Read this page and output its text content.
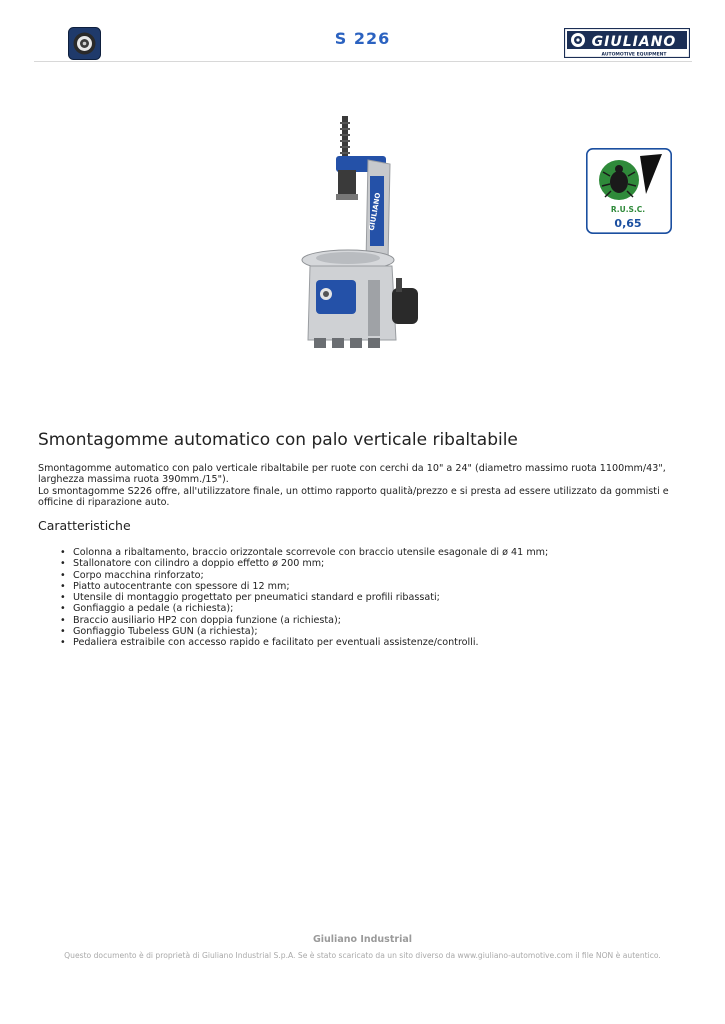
S 226	GIULIANO
AUTOMOTIVE EQUIPMENT
GIULIANO	R.U.S.C.
0,65
Smontagomme automatico con palo verticale ribaltabile

Smontagomme automatico con palo verticale ribaltabile per ruote con cerchi da 10" a 24" (diametro massimo ruota 1100mm/43", larghezza massima ruota 390mm./15").

Lo smontagomme S226 offre, all'utilizzatore finale, un ottimo rapporto qualità/prezzo e si presta ad essere utilizzato da gommisti e officine di riparazione auto.

Caratteristiche
• Colonna a ribaltamento, braccio orizzontale scorrevole con braccio utensile esagonale di ø 41 mm;
• Stallonatore con cilindro a doppio effetto ø 200 mm;
• Corpo macchina rinforzato;
• Piatto autocentrante con spessore di 12 mm;
• Utensile di montaggio progettato per pneumatici standard e profili ribassati;
• Gonfiaggio a pedale (a richiesta);
• Braccio ausiliario HP2 con doppia funzione (a richiesta);
• Gonfiaggio Tubeless GUN (a richiesta);
• Pedaliera estraibile con accesso rapido e facilitato per eventuali assistenze/controlli.
Giuliano Industrial
Questo documento è di proprietà di Giuliano Industrial S.p.A. Se è stato scaricato da un sito diverso da www.giuliano-automotive.com il file NON è autentico.
